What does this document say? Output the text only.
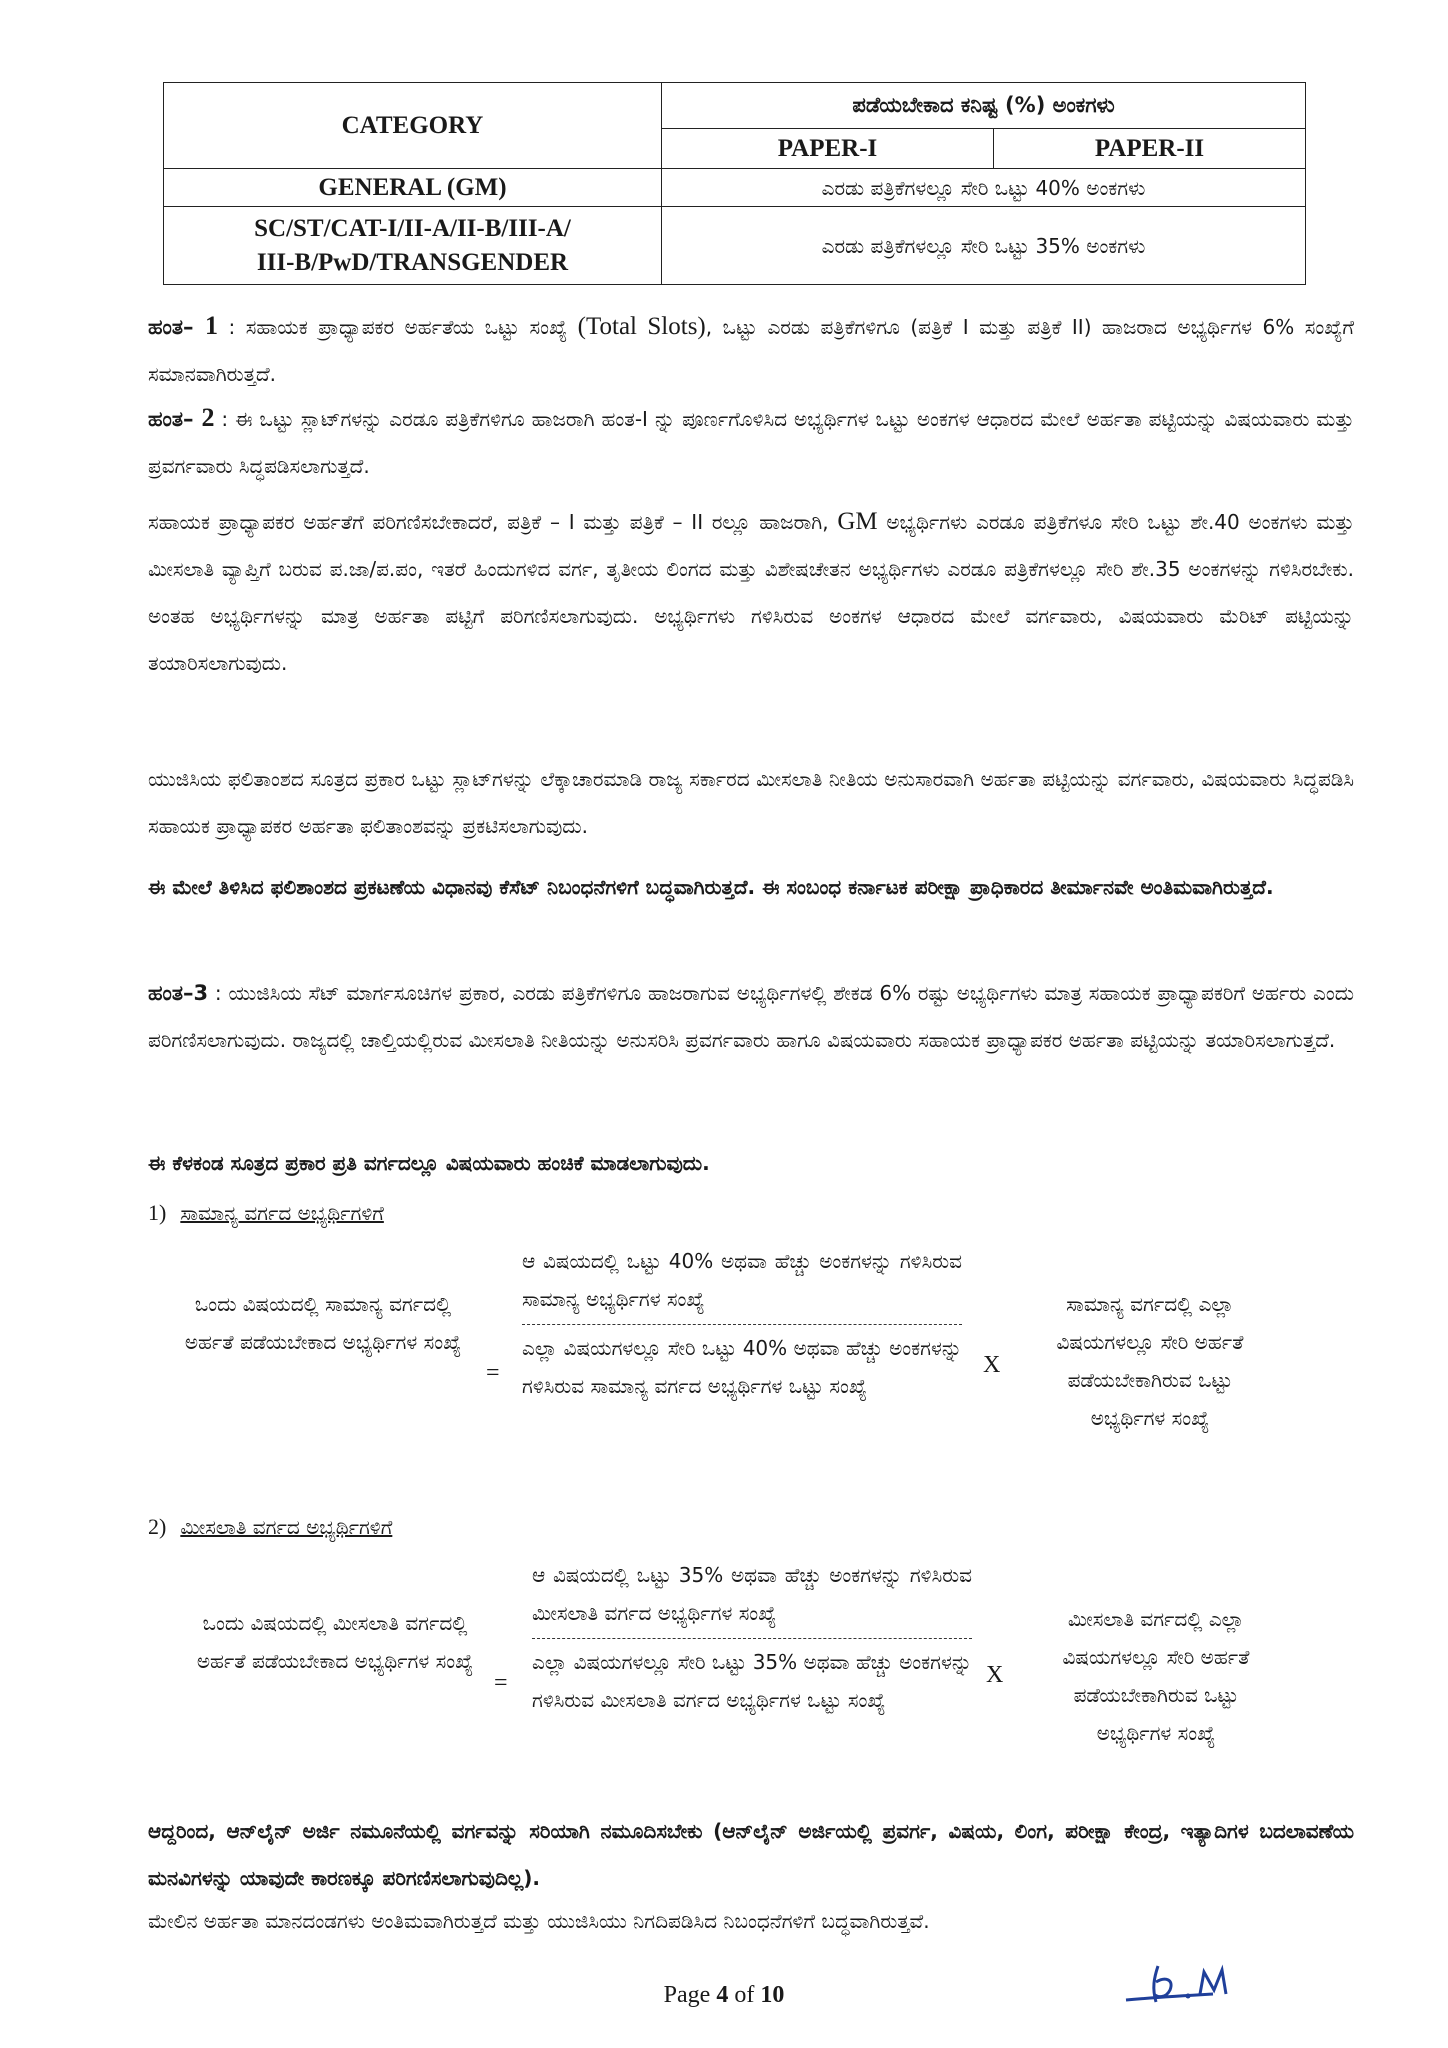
CATEGORY	ಪಡೆಯಬೇಕಾದ ಕನಿಷ್ಟ (%) ಅಂಕಗಳು	
	PAPER-I	PAPER-II
GENERAL (GM)	ಎರಡು ಪತ್ರಿಕೆಗಳಲ್ಲೂ ಸೇರಿ ಒಟ್ಟು 40% ಅಂಕಗಳು	
SC/ST/CAT-I/II-A/II-B/III-A/
III-B/PwD/TRANSGENDER	ಎರಡು ಪತ್ರಿಕೆಗಳಲ್ಲೂ ಸೇರಿ ಒಟ್ಟು 35% ಅಂಕಗಳು	
ಹಂತ– 1 : ಸಹಾಯಕ ಪ್ರಾಧ್ಯಾಪಕರ ಅರ್ಹತೆಯ ಒಟ್ಟು ಸಂಖ್ಯೆ (Total Slots), ಒಟ್ಟು ಎರಡು ಪತ್ರಿಕೆಗಳಿಗೂ (ಪತ್ರಿಕೆ I ಮತ್ತು ಪತ್ರಿಕೆ II) ಹಾಜರಾದ ಅಭ್ಯರ್ಥಿಗಳ 6% ಸಂಖ್ಯೆಗೆ ಸಮಾನವಾಗಿರುತ್ತದೆ.
ಹಂತ– 2 : ಈ ಒಟ್ಟು ಸ್ಲಾಟ್‌ಗಳನ್ನು ಎರಡೂ ಪತ್ರಿಕೆಗಳಿಗೂ ಹಾಜರಾಗಿ ಹಂತ-I ನ್ನು ಪೂರ್ಣಗೊಳಿಸಿದ ಅಭ್ಯರ್ಥಿಗಳ ಒಟ್ಟು ಅಂಕಗಳ ಆಧಾರದ ಮೇಲೆ ಅರ್ಹತಾ ಪಟ್ಟಿಯನ್ನು ವಿಷಯವಾರು ಮತ್ತು ಪ್ರವರ್ಗವಾರು ಸಿದ್ಧಪಡಿಸಲಾಗುತ್ತದೆ.
ಸಹಾಯಕ ಪ್ರಾಧ್ಯಾಪಕರ ಅರ್ಹತೆಗೆ ಪರಿಗಣಿಸಬೇಕಾದರೆ, ಪತ್ರಿಕೆ – I ಮತ್ತು ಪತ್ರಿಕೆ – II ರಲ್ಲೂ ಹಾಜರಾಗಿ, GM ಅಭ್ಯರ್ಥಿಗಳು ಎರಡೂ ಪತ್ರಿಕೆಗಳೂ ಸೇರಿ ಒಟ್ಟು ಶೇ.40 ಅಂಕಗಳು ಮತ್ತು ಮೀಸಲಾತಿ ವ್ಯಾಪ್ತಿಗೆ ಬರುವ ಪ.ಜಾ/ಪ.ಪಂ, ಇತರೆ ಹಿಂದುಗಳಿದ ವರ್ಗ, ತೃತೀಯ ಲಿಂಗದ ಮತ್ತು ವಿಶೇಷಚೇತನ ಅಭ್ಯರ್ಥಿಗಳು ಎರಡೂ ಪತ್ರಿಕೆಗಳಲ್ಲೂ ಸೇರಿ ಶೇ.35 ಅಂಕಗಳನ್ನು ಗಳಿಸಿರಬೇಕು. ಅಂತಹ ಅಭ್ಯರ್ಥಿಗಳನ್ನು ಮಾತ್ರ ಅರ್ಹತಾ ಪಟ್ಟಿಗೆ ಪರಿಗಣಿಸಲಾಗುವುದು. ಅಭ್ಯರ್ಥಿಗಳು ಗಳಿಸಿರುವ ಅಂಕಗಳ ಆಧಾರದ ಮೇಲೆ ವರ್ಗವಾರು, ವಿಷಯವಾರು ಮೆರಿಟ್ ಪಟ್ಟಿಯನ್ನು ತಯಾರಿಸಲಾಗುವುದು.
ಯುಜಿಸಿಯ ಫಲಿತಾಂಶದ ಸೂತ್ರದ ಪ್ರಕಾರ ಒಟ್ಟು ಸ್ಲಾಟ್‌ಗಳನ್ನು ಲೆಕ್ಕಾಚಾರಮಾಡಿ ರಾಜ್ಯ ಸರ್ಕಾರದ ಮೀಸಲಾತಿ ನೀತಿಯ ಅನುಸಾರವಾಗಿ ಅರ್ಹತಾ ಪಟ್ಟಿಯನ್ನು ವರ್ಗವಾರು, ವಿಷಯವಾರು ಸಿದ್ಧಪಡಿಸಿ ಸಹಾಯಕ ಪ್ರಾಧ್ಯಾಪಕರ ಅರ್ಹತಾ ಫಲಿತಾಂಶವನ್ನು ಪ್ರಕಟಿಸಲಾಗುವುದು.
ಈ ಮೇಲೆ ತಿಳಿಸಿದ ಫಲಿಶಾಂಶದ ಪ್ರಕಟಣೆಯ ವಿಧಾನವು ಕೆಸೆಟ್ ನಿಬಂಧನೆಗಳಿಗೆ ಬದ್ಧವಾಗಿರುತ್ತದೆ. ಈ ಸಂಬಂಧ ಕರ್ನಾಟಕ ಪರೀಕ್ಷಾ ಪ್ರಾಧಿಕಾರದ ತೀರ್ಮಾನವೇ ಅಂತಿಮವಾಗಿರುತ್ತದೆ.
ಹಂತ–3 : ಯುಜಿಸಿಯ ಸೆಟ್ ಮಾರ್ಗಸೂಚಿಗಳ ಪ್ರಕಾರ, ಎರಡು ಪತ್ರಿಕೆಗಳಿಗೂ ಹಾಜರಾಗುವ ಅಭ್ಯರ್ಥಿಗಳಲ್ಲಿ ಶೇಕಡ 6% ರಷ್ಟು ಅಭ್ಯರ್ಥಿಗಳು ಮಾತ್ರ ಸಹಾಯಕ ಪ್ರಾಧ್ಯಾಪಕರಿಗೆ ಅರ್ಹರು ಎಂದು ಪರಿಗಣಿಸಲಾಗುವುದು. ರಾಜ್ಯದಲ್ಲಿ ಚಾಲ್ತಿಯಲ್ಲಿರುವ ಮೀಸಲಾತಿ ನೀತಿಯನ್ನು ಅನುಸರಿಸಿ ಪ್ರವರ್ಗವಾರು ಹಾಗೂ ವಿಷಯವಾರು ಸಹಾಯಕ ಪ್ರಾಧ್ಯಾಪಕರ ಅರ್ಹತಾ ಪಟ್ಟಿಯನ್ನು ತಯಾರಿಸಲಾಗುತ್ತದೆ.
ಈ ಕೆಳಕಂಡ ಸೂತ್ರದ ಪ್ರಕಾರ ಪ್ರತಿ ವರ್ಗದಲ್ಲೂ ವಿಷಯವಾರು ಹಂಚಿಕೆ ಮಾಡಲಾಗುವುದು.
1) ಸಾಮಾನ್ಯ ವರ್ಗದ ಅಭ್ಯರ್ಥಿಗಳಿಗೆ
ಒಂದು ವಿಷಯದಲ್ಲಿ ಸಾಮಾನ್ಯ ವರ್ಗದಲ್ಲಿ ಅರ್ಹತೆ ಪಡೆಯಬೇಕಾದ ಅಭ್ಯರ್ಥಿಗಳ ಸಂಖ್ಯೆ
=
ಆ ವಿಷಯದಲ್ಲಿ ಒಟ್ಟು 40% ಅಥವಾ ಹೆಚ್ಚು ಅಂಕಗಳನ್ನು ಗಳಿಸಿರುವ ಸಾಮಾನ್ಯ ಅಭ್ಯರ್ಥಿಗಳ ಸಂಖ್ಯೆ
ಎಲ್ಲಾ ವಿಷಯಗಳಲ್ಲೂ ಸೇರಿ ಒಟ್ಟು 40% ಅಥವಾ ಹೆಚ್ಚು ಅಂಕಗಳನ್ನು ಗಳಿಸಿರುವ ಸಾಮಾನ್ಯ ವರ್ಗದ ಅಭ್ಯರ್ಥಿಗಳ ಒಟ್ಟು ಸಂಖ್ಯೆ
X
ಸಾಮಾನ್ಯ ವರ್ಗದಲ್ಲಿ ಎಲ್ಲಾ ವಿಷಯಗಳಲ್ಲೂ ಸೇರಿ ಅರ್ಹತೆ ಪಡೆಯಬೇಕಾಗಿರುವ ಒಟ್ಟು ಅಭ್ಯರ್ಥಿಗಳ ಸಂಖ್ಯೆ
2) ಮೀಸಲಾತಿ ವರ್ಗದ ಅಭ್ಯರ್ಥಿಗಳಿಗೆ
ಒಂದು ವಿಷಯದಲ್ಲಿ ಮೀಸಲಾತಿ ವರ್ಗದಲ್ಲಿ ಅರ್ಹತೆ ಪಡೆಯಬೇಕಾದ ಅಭ್ಯರ್ಥಿಗಳ ಸಂಖ್ಯೆ
=
ಆ ವಿಷಯದಲ್ಲಿ ಒಟ್ಟು 35% ಅಥವಾ ಹೆಚ್ಚು ಅಂಕಗಳನ್ನು ಗಳಿಸಿರುವ ಮೀಸಲಾತಿ ವರ್ಗದ ಅಭ್ಯರ್ಥಿಗಳ ಸಂಖ್ಯೆ
ಎಲ್ಲಾ ವಿಷಯಗಳಲ್ಲೂ ಸೇರಿ ಒಟ್ಟು 35% ಅಥವಾ ಹೆಚ್ಚು ಅಂಕಗಳನ್ನು ಗಳಿಸಿರುವ ಮೀಸಲಾತಿ ವರ್ಗದ ಅಭ್ಯರ್ಥಿಗಳ ಒಟ್ಟು ಸಂಖ್ಯೆ
X
ಮೀಸಲಾತಿ ವರ್ಗದಲ್ಲಿ ಎಲ್ಲಾ ವಿಷಯಗಳಲ್ಲೂ ಸೇರಿ ಅರ್ಹತೆ ಪಡೆಯಬೇಕಾಗಿರುವ ಒಟ್ಟು ಅಭ್ಯರ್ಥಿಗಳ ಸಂಖ್ಯೆ
ಆದ್ದರಿಂದ, ಆನ್‌ಲೈನ್ ಅರ್ಜಿ ನಮೂನೆಯಲ್ಲಿ ವರ್ಗವನ್ನು ಸರಿಯಾಗಿ ನಮೂದಿಸಬೇಕು (ಆನ್‌ಲೈನ್ ಅರ್ಜಿಯಲ್ಲಿ ಪ್ರವರ್ಗ, ವಿಷಯ, ಲಿಂಗ, ಪರೀಕ್ಷಾ ಕೇಂದ್ರ, ಇತ್ಯಾದಿಗಳ ಬದಲಾವಣೆಯ ಮನವಿಗಳನ್ನು ಯಾವುದೇ ಕಾರಣಕ್ಕೂ ಪರಿಗಣಿಸಲಾಗುವುದಿಲ್ಲ).
ಮೇಲಿನ ಅರ್ಹತಾ ಮಾನದಂಡಗಳು ಅಂತಿಮವಾಗಿರುತ್ತದೆ ಮತ್ತು ಯುಜಿಸಿಯು ನಿಗದಿಪಡಿಸಿದ ನಿಬಂಧನೆಗಳಿಗೆ ಬದ್ಧವಾಗಿರುತ್ತವೆ.
Page 4 of 10
